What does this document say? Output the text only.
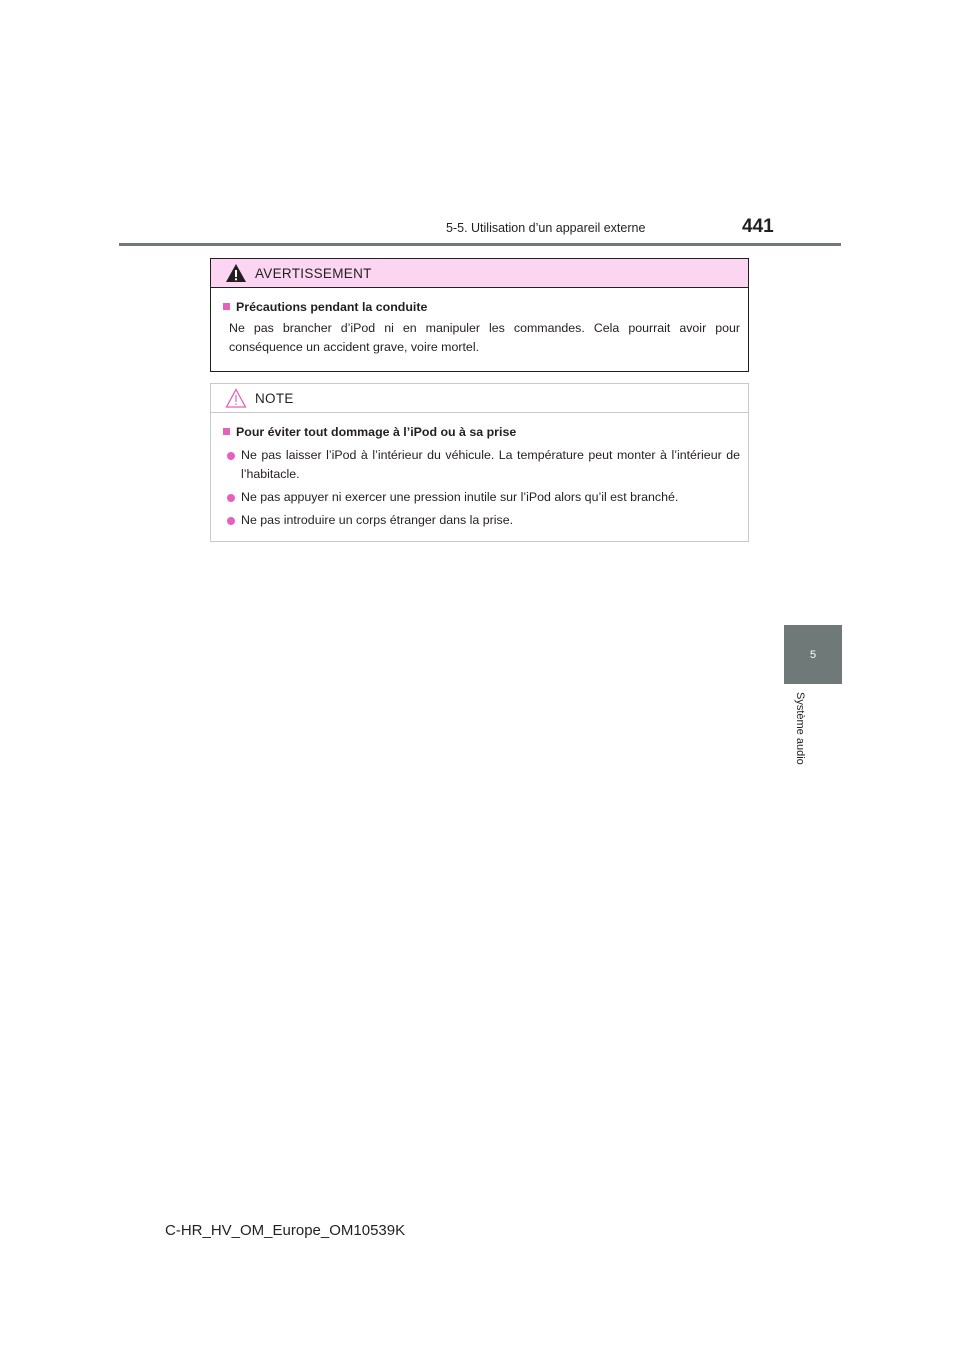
5-5. Utilisation d’un appareil externe	441
5
Système audio
AVERTISSEMENT
Précautions pendant la conduite
Ne pas brancher d’iPod ni en manipuler les commandes. Cela pourrait avoir pour conséquence un accident grave, voire mortel.
NOTE
Pour éviter tout dommage à l’iPod ou à sa prise
Ne pas laisser l’iPod à l’intérieur du véhicule. La température peut monter à l’intérieur de l’habitacle.
Ne pas appuyer ni exercer une pression inutile sur l’iPod alors qu’il est branché.
Ne pas introduire un corps étranger dans la prise.
C-HR_HV_OM_Europe_OM10539K
